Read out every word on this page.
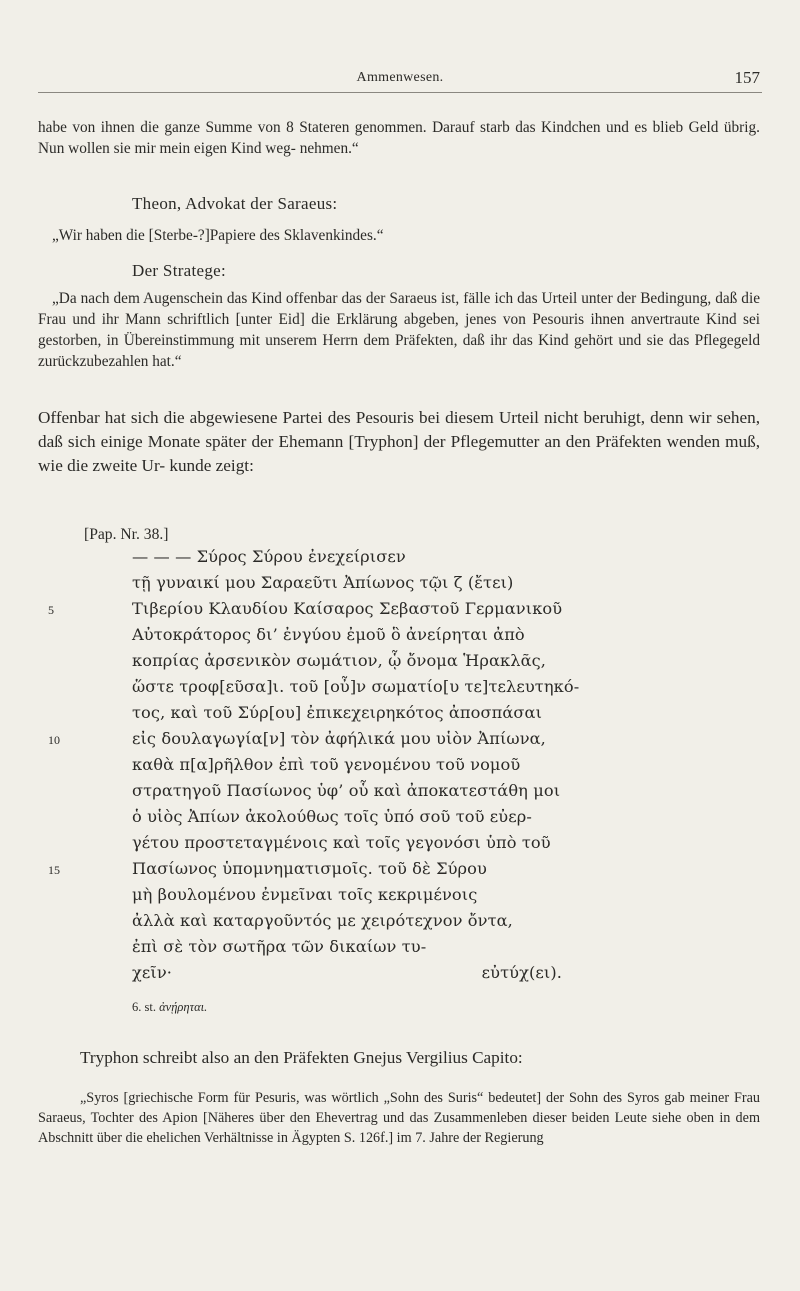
Ammenwesen.	157

habe von ihnen die ganze Summe von 8 Stateren genommen. Darauf starb das Kindchen und es blieb Geld übrig. Nun wollen sie mir mein eigen Kind weg- nehmen.“

Theon, Advokat der Saraeus:

„Wir haben die [Sterbe-?]Papiere des Sklavenkindes.“

Der Stratege:

„Da nach dem Augenschein das Kind offenbar das der Saraeus ist, fälle ich das Urteil unter der Bedingung, daß die Frau und ihr Mann schriftlich [unter Eid] die Erklärung abgeben, jenes von Pesouris ihnen anvertraute Kind sei gestorben, in Übereinstimmung mit unserem Herrn dem Präfekten, daß ihr das Kind gehört und sie das Pflegegeld zurückzubezahlen hat.“

Offenbar hat sich die abgewiesene Partei des Pesouris bei diesem Urteil nicht beruhigt, denn wir sehen, daß sich einige Monate später der Ehemann [Tryphon] der Pflegemutter an den Präfekten wenden muß, wie die zweite Ur- kunde zeigt:

[Pap. Nr. 38.]
— — — Σύρος Σύρου ἐνεχείρισεν
τῇ γυναικί μου Σαραεῦτι Ἀπίωνος τῷι ζ (ἔτει)
5	Τιβερίου Κλαυδίου Καίσαρος Σεβαστοῦ Γερμανικοῦ
Αὐτοκράτορος δι’ ἐνγύου ἐμοῦ ὃ ἀνείρηται ἀπὸ
κοπρίας ἀρσενικὸν σωμάτιον, ᾧ ὄνομα Ἡρακλᾶς,
ὥστε τροφ[εῦσα]ι. τοῦ [οὖ]ν σωματίο[υ τε]τελευτηκό-
τος, καὶ τοῦ Σύρ[ου] ἐπικεχειρηκότος ἀποσπάσαι
10	εἰς δουλαγωγία[ν] τὸν ἀφήλικά μου υἱὸν Ἀπίωνα,
καθὰ π[α]ρῆλθον ἐπὶ τοῦ γενομένου τοῦ νομοῦ
στρατηγοῦ Πασίωνος ὑφ’ οὗ καὶ ἀποκατεστάθη μοι
ὁ υἱὸς Ἀπίων ἀκολούθως τοῖς ὑπό σοῦ τοῦ εὐερ-
γέτου προστεταγμένοις καὶ τοῖς γεγονόσι ὑπὸ τοῦ
15	Πασίωνος ὑπομνηματισμοῖς. τοῦ δὲ Σύρου
μὴ βουλομένου ἐνμεῖναι τοῖς κεκριμένοις
ἀλλὰ καὶ καταργοῦντός με χειρότεχνον ὄντα,
ἐπὶ σὲ τὸν σωτῆρα τῶν δικαίων τυ-
χεῖν·	εὐτύχ(ει).
6. st. ἀνῄρηται.

Tryphon schreibt also an den Präfekten Gnejus Vergilius Capito:

„Syros [griechische Form für Pesuris, was wörtlich „Sohn des Suris“ bedeutet] der Sohn des Syros gab meiner Frau Saraeus, Tochter des Apion [Näheres über den Ehevertrag und das Zusammenleben dieser beiden Leute siehe oben in dem Abschnitt über die ehelichen Verhältnisse in Ägypten S. 126f.] im 7. Jahre der Regierung
